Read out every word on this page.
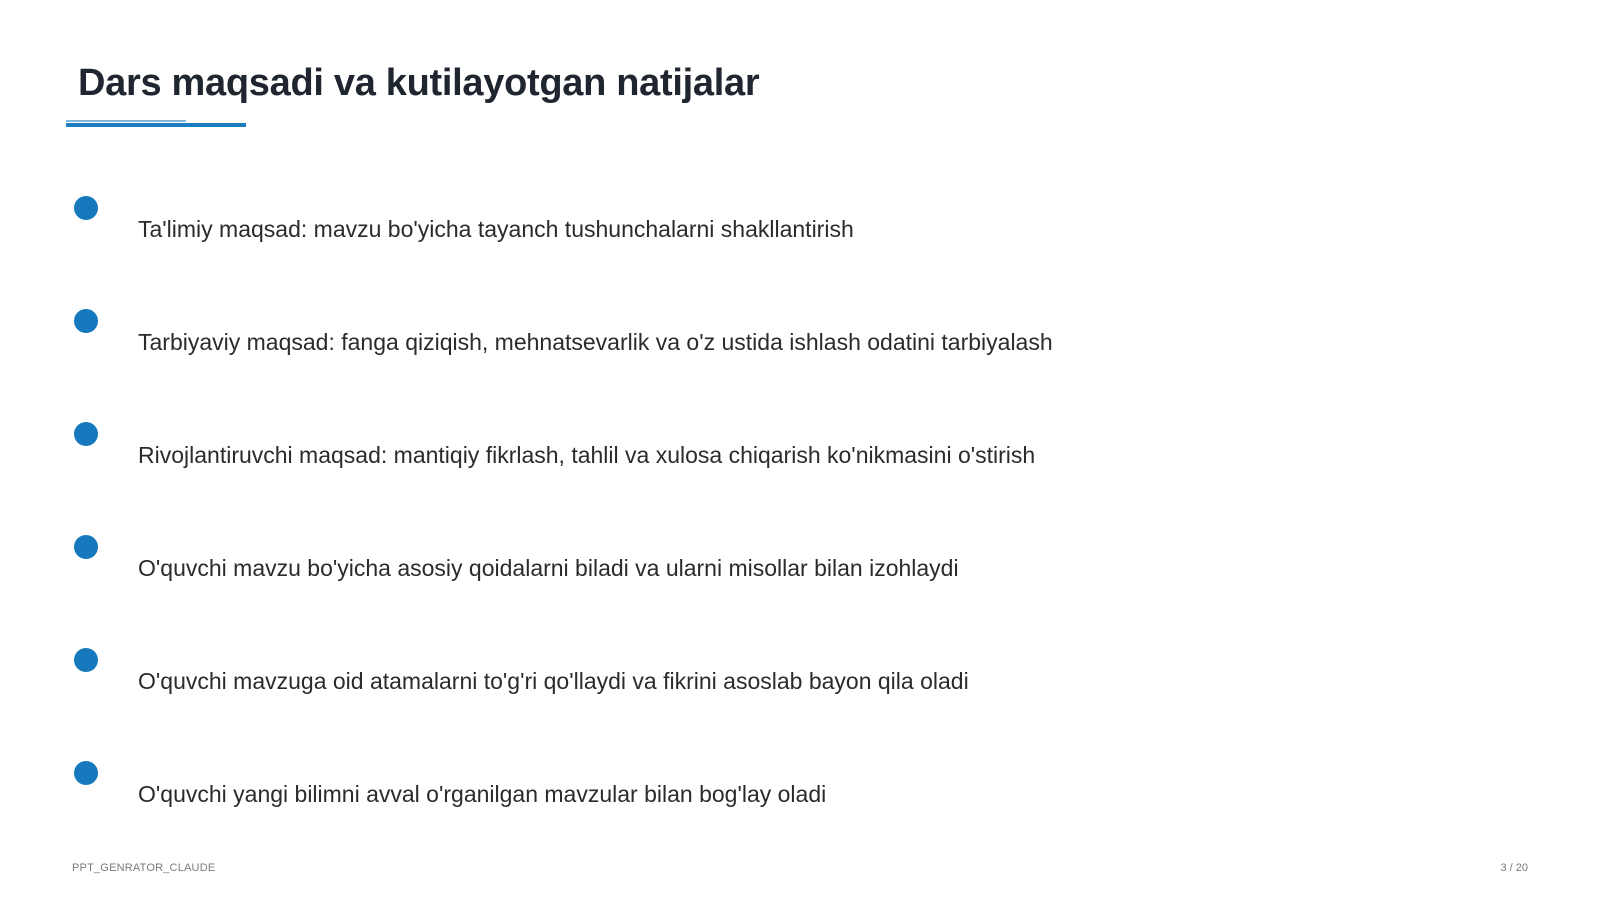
Dars maqsadi va kutilayotgan natijalar
Ta'limiy maqsad: mavzu bo'yicha tayanch tushunchalarni shakllantirish
Tarbiyaviy maqsad: fanga qiziqish, mehnatsevarlik va o'z ustida ishlash odatini tarbiyalash
Rivojlantiruvchi maqsad: mantiqiy fikrlash, tahlil va xulosa chiqarish ko'nikmasini o'stirish
O'quvchi mavzu bo'yicha asosiy qoidalarni biladi va ularni misollar bilan izohlaydi
O'quvchi mavzuga oid atamalarni to'g'ri qo'llaydi va fikrini asoslab bayon qila oladi
O'quvchi yangi bilimni avval o'rganilgan mavzular bilan bog'lay oladi
PPT_GENRATOR_CLAUDE	3 / 20
